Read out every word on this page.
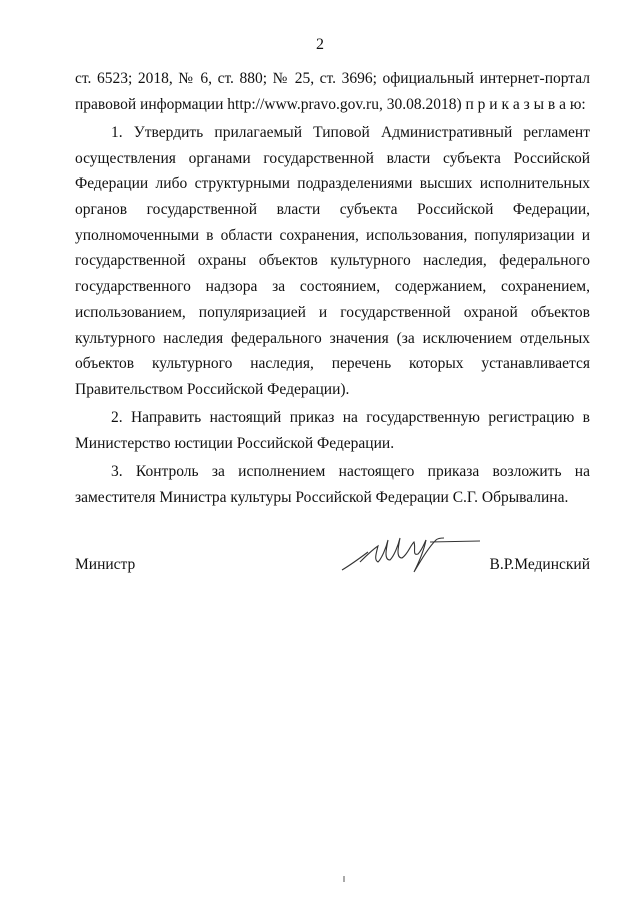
2

ст. 6523; 2018, № 6, ст. 880; № 25, ст. 3696; официальный интернет-портал правовой информации http://www.pravo.gov.ru, 30.08.2018) п р и к а з ы в а ю:

1. Утвердить прилагаемый Типовой Административный регламент осуществления органами государственной власти субъекта Российской Федерации либо структурными подразделениями высших исполнительных органов государственной власти субъекта Российской Федерации, уполномоченными в области сохранения, использования, популяризации и государственной охраны объектов культурного наследия, федерального государственного надзора за состоянием, содержанием, сохранением, использованием, популяризацией и государственной охраной объектов культурного наследия федерального значения (за исключением отдельных объектов культурного наследия, перечень которых устанавливается Правительством Российской Федерации).

2. Направить настоящий приказ на государственную регистрацию в Министерство юстиции Российской Федерации.

3. Контроль за исполнением настоящего приказа возложить на заместителя Министра культуры Российской Федерации С.Г. Обрывалина.

Министр	В.Р.Мединский
